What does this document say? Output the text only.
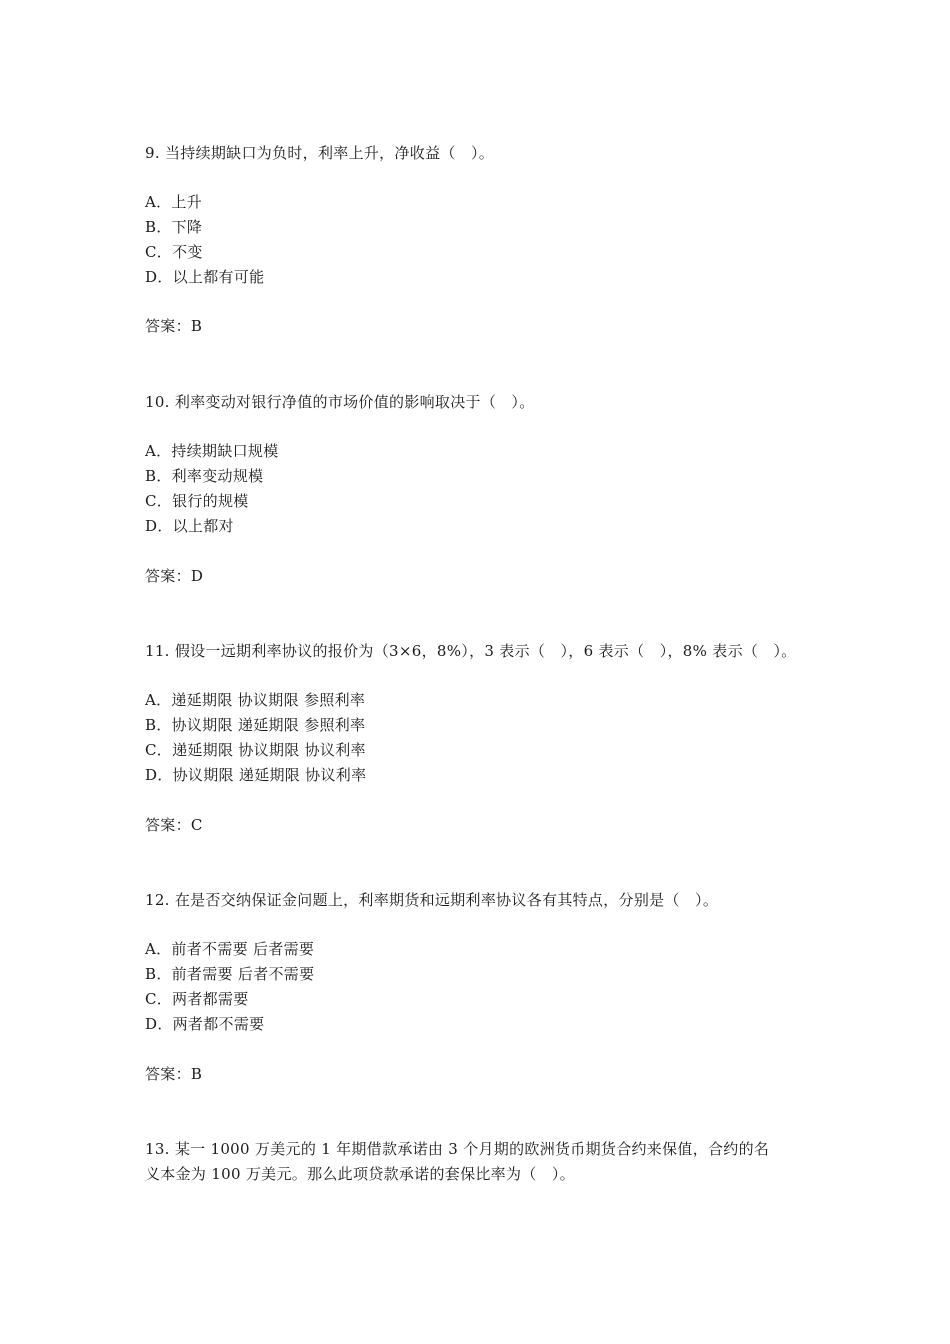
9. 当持续期缺口为负时，利率上升，净收益（　）。
A．上升
B．下降
C．不变
D．以上都有可能
答案：B
10. 利率变动对银行净值的市场价值的影响取决于（　）。
A．持续期缺口规模
B．利率变动规模
C．银行的规模
D．以上都对
答案：D
11. 假设一远期利率协议的报价为（3×6，8%），3 表示（　），6 表示（　），8% 表示（　）。
A．递延期限 协议期限 参照利率
B．协议期限 递延期限 参照利率
C．递延期限 协议期限 协议利率
D．协议期限 递延期限 协议利率
答案：C
12. 在是否交纳保证金问题上，利率期货和远期利率协议各有其特点，分别是（　）。
A．前者不需要 后者需要
B．前者需要 后者不需要
C．两者都需要
D．两者都不需要
答案：B
13. 某一 1000 万美元的 1 年期借款承诺由 3 个月期的欧洲货币期货合约来保值，合约的名
义本金为 100 万美元。那么此项贷款承诺的套保比率为（　）。
